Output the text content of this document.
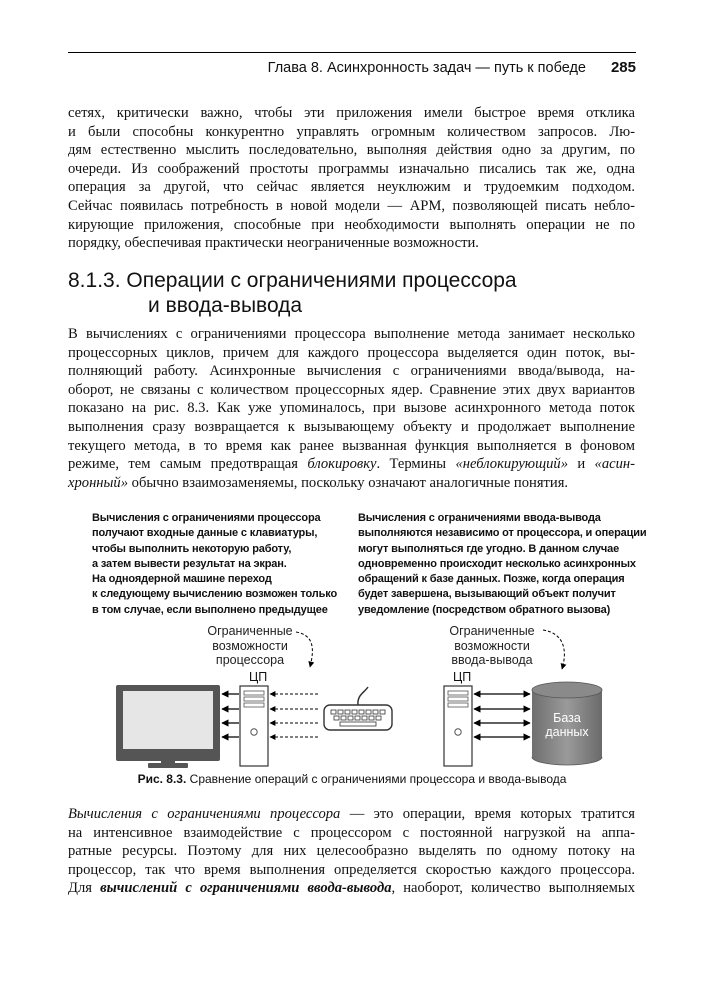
Глава 8. Асинхронность задач — путь к победе 285

сетях, критически важно, чтобы эти приложения имели быстрое время отклика
и были способны конкурентно управлять огромным количеством запросов. Лю-
дям естественно мыслить последовательно, выполняя действия одно за другим, по
очереди. Из соображений простоты программы изначально писались так же, одна
операция за другой, что сейчас является неуклюжим и трудоемким подходом.
Сейчас появилась потребность в новой модели — APM, позволяющей писать небло-
кирующие приложения, способные при необходимости выполнять операции не по
порядку, обеспечивая практически неограниченные возможности.

8.1.3. Операции с ограничениями процессора
и ввода-вывода

В вычислениях с ограничениями процессора выполнение метода занимает несколько
процессорных циклов, причем для каждого процессора выделяется один поток, вы-
полняющий работу. Асинхронные вычисления с ограничениями ввода/вывода, на-
оборот, не связаны с количеством процессорных ядер. Сравнение этих двух вариантов
показано на рис. 8.3. Как уже упоминалось, при вызове асинхронного метода поток
выполнения сразу возвращается к вызывающему объекту и продолжает выполнение
текущего метода, в то время как ранее вызванная функция выполняется в фоновом
режиме, тем самым предотвращая блокировку. Термины «неблокирующий» и «асин-
хронный» обычно взаимозаменяемы, поскольку означают аналогичные понятия.

Вычисления с ограничениями процессора
получают входные данные с клавиатуры,
чтобы выполнить некоторую работу,
а затем вывести результат на экран.
На одноядерной машине переход
к следующему вычислению возможен только
в том случае, если выполнено предыдущее
Вычисления с ограничениями ввода-вывода
выполняются независимо от процессора, и операции
могут выполняться где угодно. В данном случае
одновременно происходит несколько асинхронных
обращений к базе данных. Позже, когда операция
будет завершена, вызывающий объект получит
уведомление (посредством обратного вызова)
Ограниченные
возможности
процессора
Ограниченные
возможности
ввода-вывода
ЦП	ЦП
База
данных
Рис. 8.3. Сравнение операций с ограничениями процессора и ввода-вывода

Вычисления с ограничениями процессора — это операции, время которых тратится
на интенсивное взаимодействие с процессором с постоянной нагрузкой на аппа-
ратные ресурсы. Поэтому для них целесообразно выделять по одному потоку на
процессор, так что время выполнения определяется скоростью каждого процессора.
Для вычислений с ограничениями ввода-вывода, наоборот, количество выполняемых
